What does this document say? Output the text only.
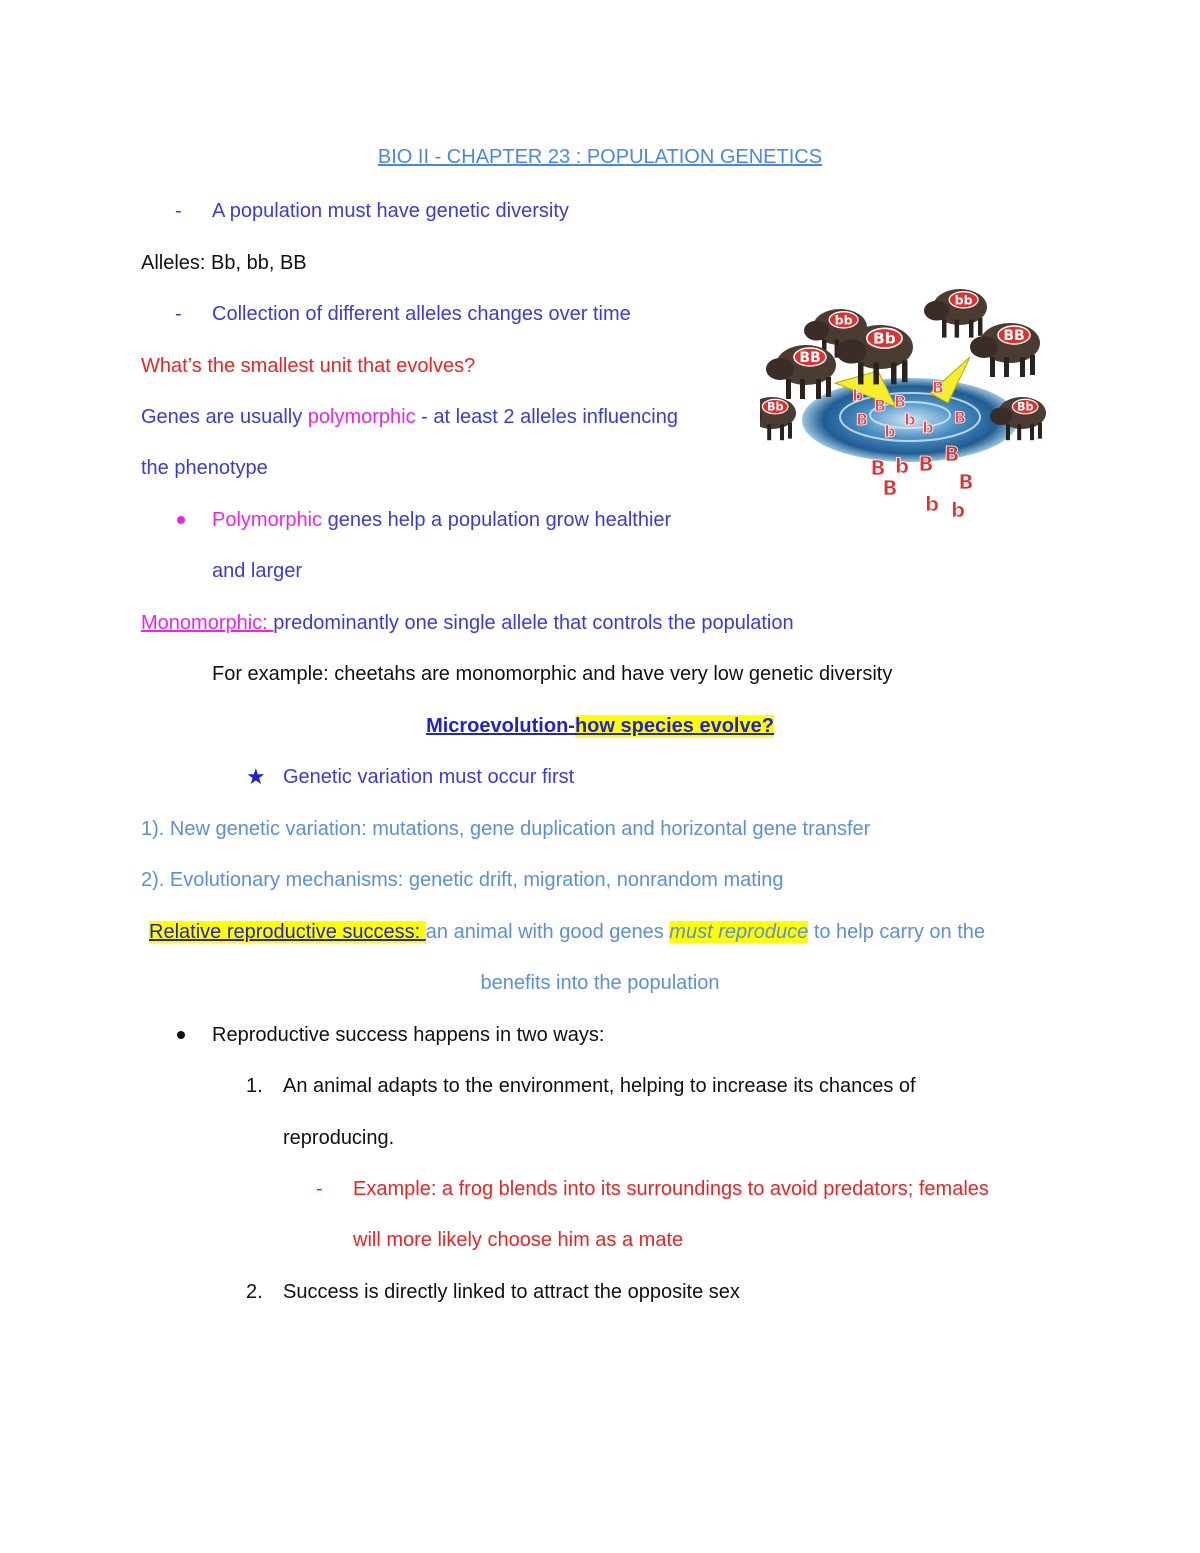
BIO II - CHAPTER 23 : POPULATION GENETICS
- A population must have genetic diversity
Alleles: Bb, bb, BB
- Collection of different alleles changes over time
What’s the smallest unit that evolves?
Genes are usually polymorphic - at least 2 alleles influencing
the phenotype
Polymorphic genes help a population grow healthier
and larger
Monomorphic: predominantly one single allele that controls the population
For example: cheetahs are monomorphic and have very low genetic diversity
Microevolution-how species evolve?
★ Genetic variation must occur first
1). New genetic variation: mutations, gene duplication and horizontal gene transfer
2). Evolutionary mechanisms: genetic drift, migration, nonrandom mating
Relative reproductive success: an animal with good genes must reproduce to help carry on the
benefits into the population
Reproductive success happens in two ways:
1. An animal adapts to the environment, helping to increase its chances of
reproducing.
- Example: a frog blends into its surroundings to avoid predators; females
will more likely choose him as a mate
2. Success is directly linked to attract the opposite sex
bb
bb
BB
Bb	BB
Bb	Bb
b B
B
B
b b
B
B
b
B b B B
B	B
b b
